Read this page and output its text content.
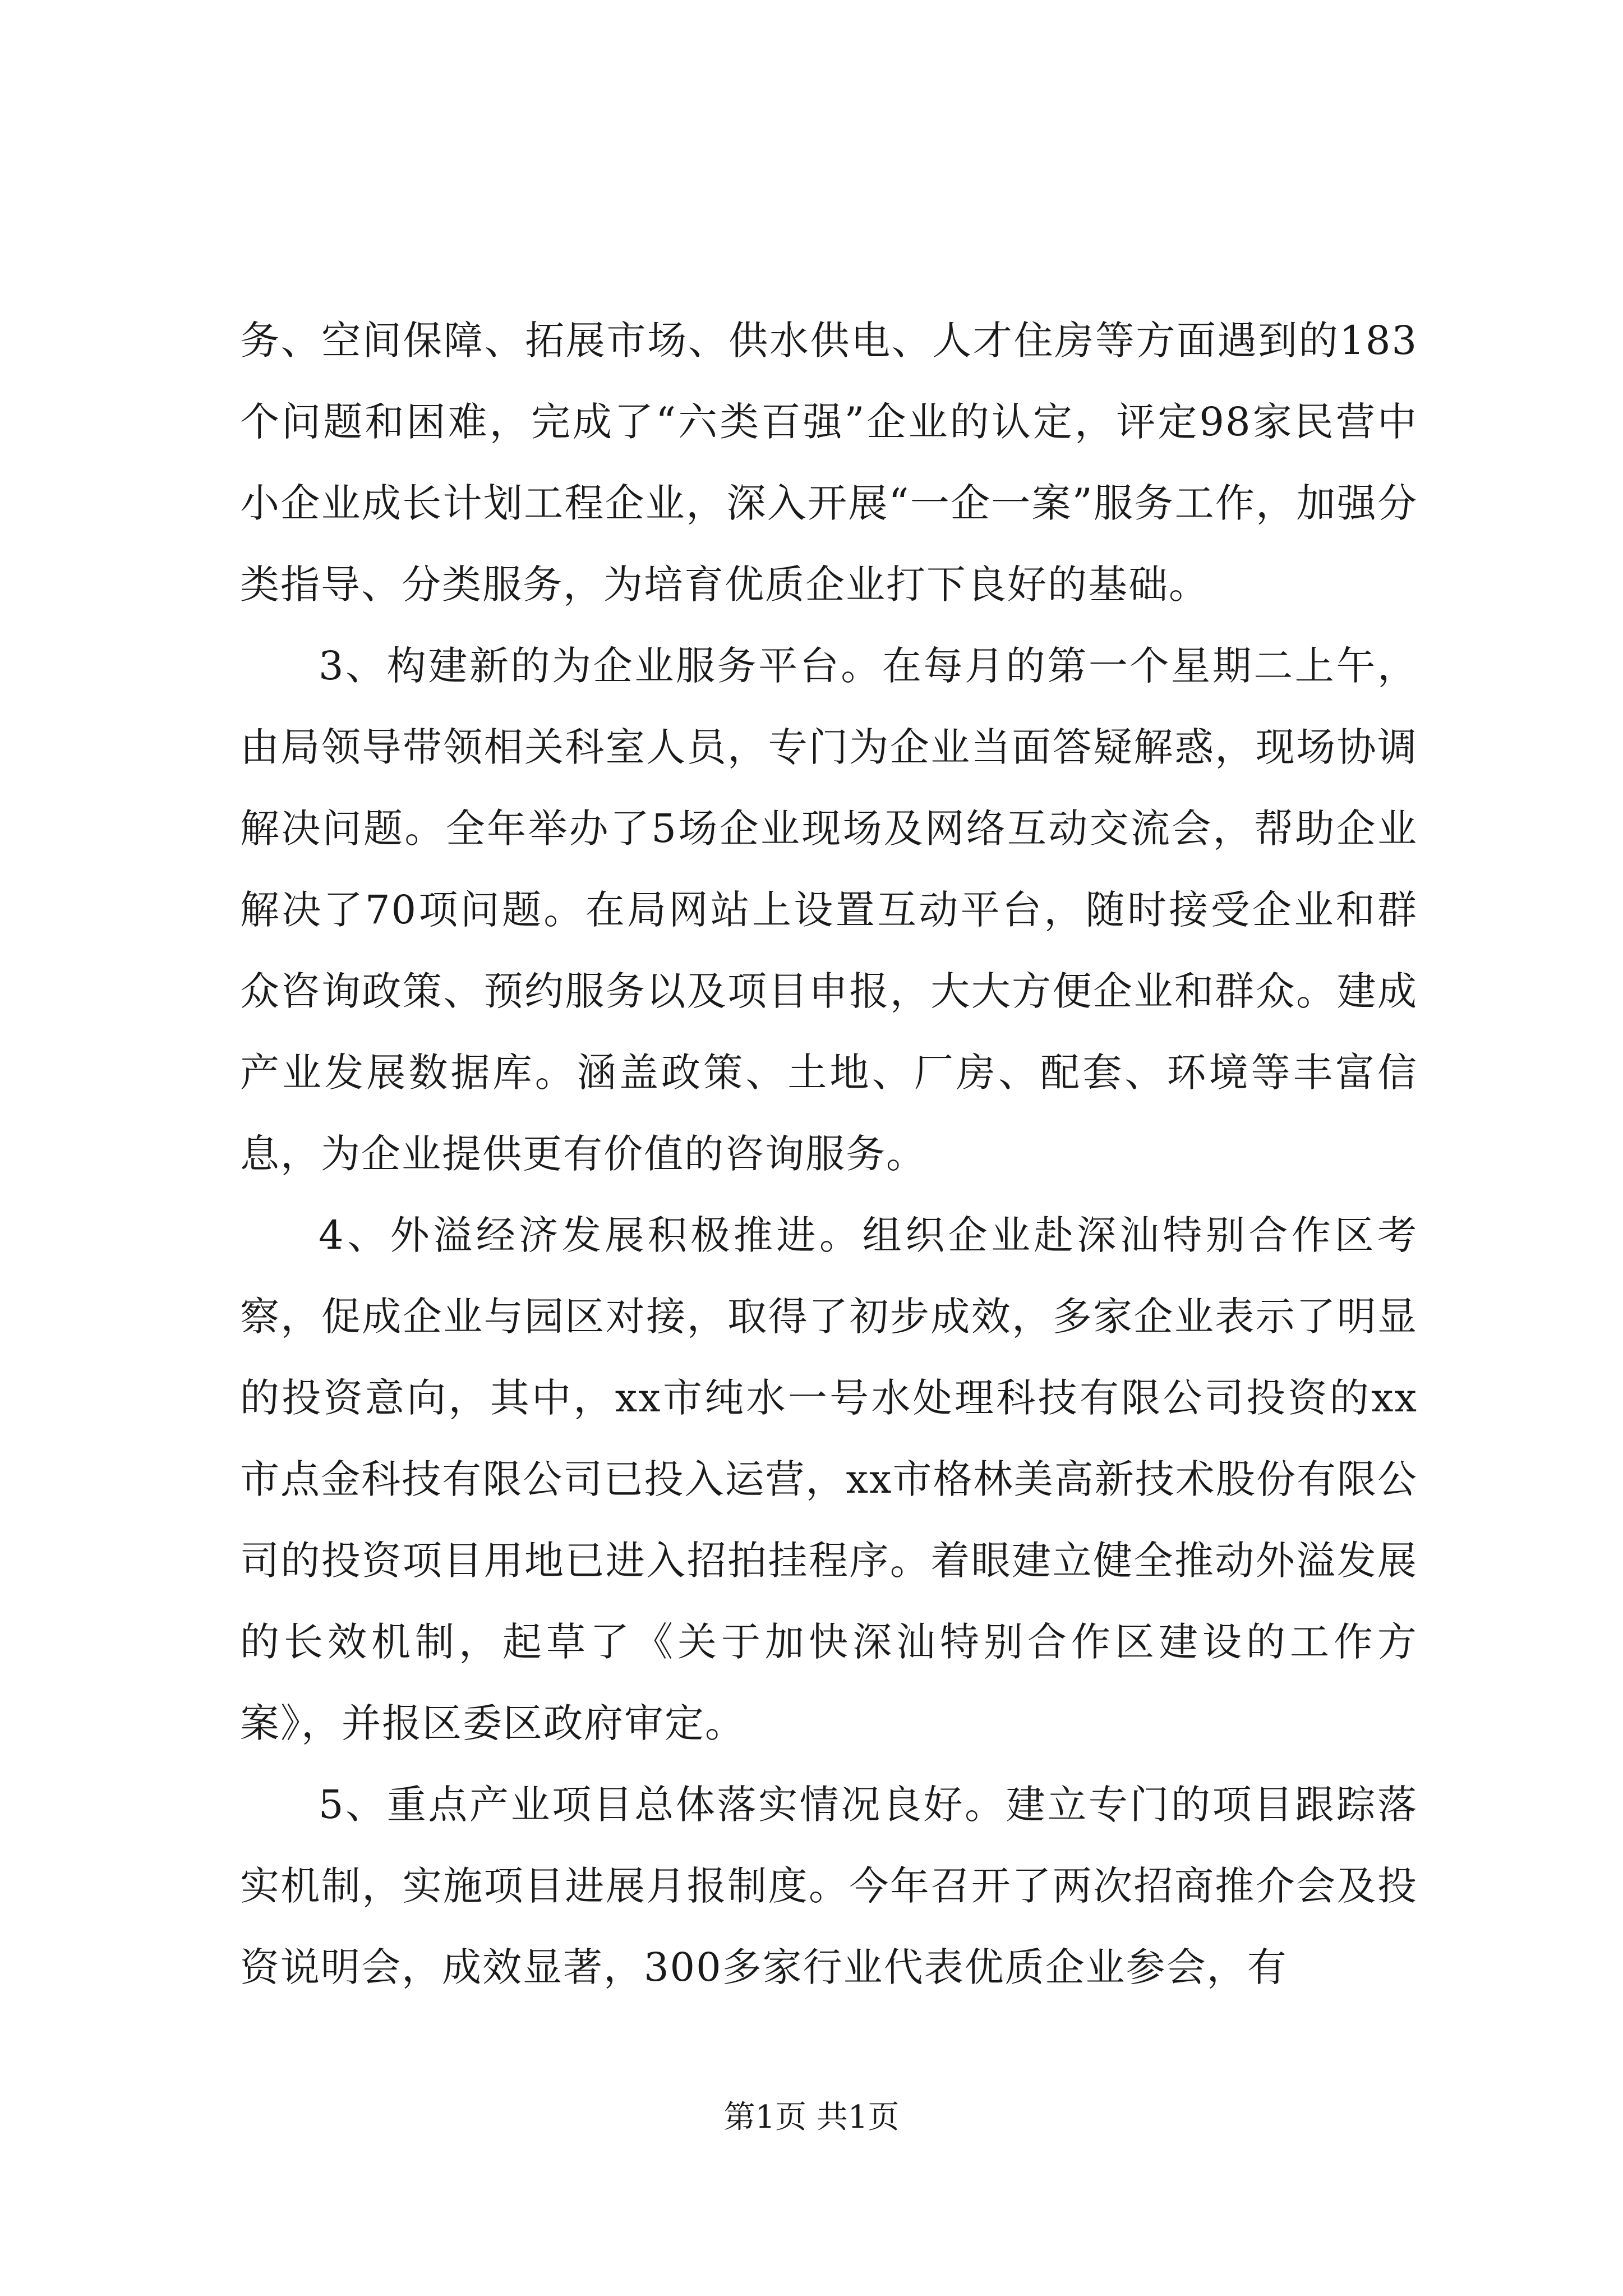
务、空间保障、拓展市场、供水供电、人才住房等方面遇到的183个问题和困难，完成了“六类百强”企业的认定，评定98家民营中小企业成长计划工程企业，深入开展“一企一案”服务工作，加强分类指导、分类服务，为培育优质企业打下良好的基础。

3、构建新的为企业服务平台。在每月的第一个星期二上午，由局领导带领相关科室人员，专门为企业当面答疑解惑，现场协调解决问题。全年举办了5场企业现场及网络互动交流会，帮助企业解决了70项问题。在局网站上设置互动平台，随时接受企业和群众咨询政策、预约服务以及项目申报，大大方便企业和群众。建成产业发展数据库。涵盖政策、土地、厂房、配套、环境等丰富信息，为企业提供更有价值的咨询服务。

4、外溢经济发展积极推进。组织企业赴深汕特别合作区考察，促成企业与园区对接，取得了初步成效，多家企业表示了明显的投资意向，其中，xx市纯水一号水处理科技有限公司投资的xx市点金科技有限公司已投入运营，xx市格林美高新技术股份有限公司的投资项目用地已进入招拍挂程序。着眼建立健全推动外溢发展的长效机制，起草了《关于加快深汕特别合作区建设的工作方案》，并报区委区政府审定。

5、重点产业项目总体落实情况良好。建立专门的项目跟踪落实机制，实施项目进展月报制度。今年召开了两次招商推介会及投资说明会，成效显著，300多家行业代表优质企业参会，有

第1页 共1页
